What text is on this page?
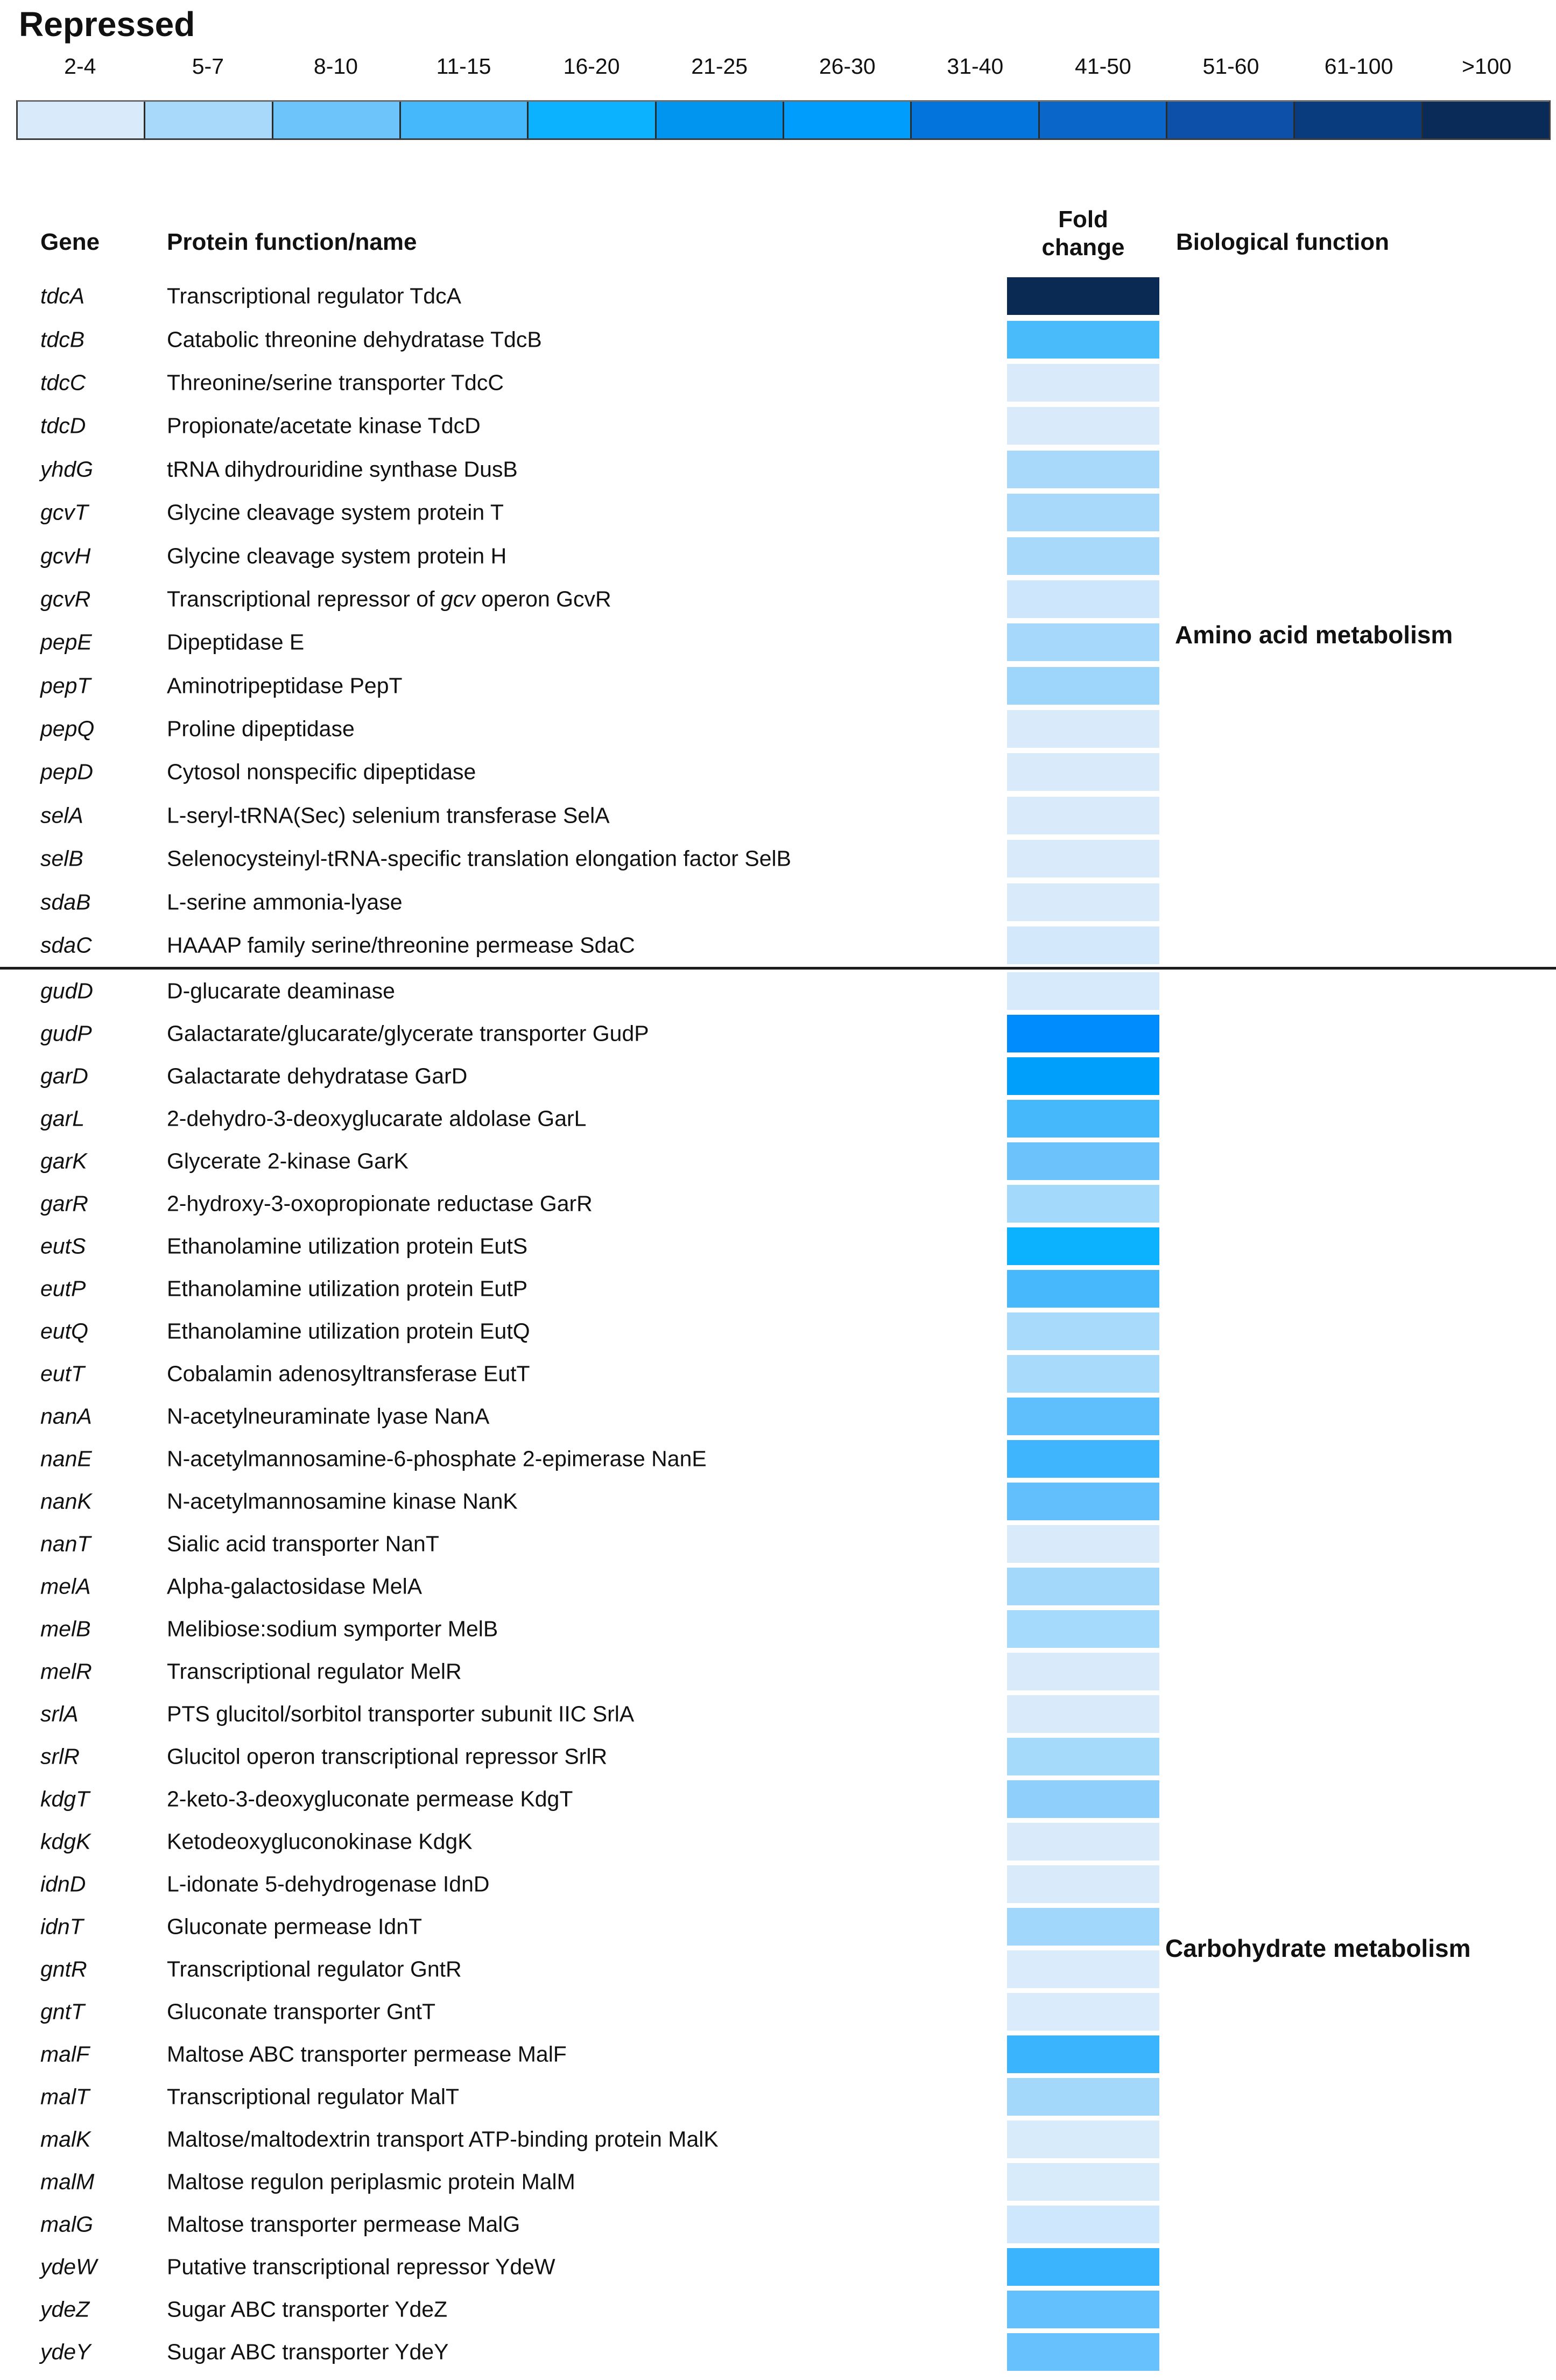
Repressed
2-4	5-7	8-10	11-15	16-20	21-25	26-30	31-40	41-50	51-60	61-100	>100
Gene	Protein function/name
Fold
change	Biological function
tdcA	Transcriptional regulator TdcA
tdcB	Catabolic threonine dehydratase TdcB
tdcC	Threonine/serine transporter TdcC
tdcD	Propionate/acetate kinase TdcD
yhdG	tRNA dihydrouridine synthase DusB
gcvT	Glycine cleavage system protein T
gcvH	Glycine cleavage system protein H
gcvR	Transcriptional repressor of gcv operon GcvR
pepE	Dipeptidase E
pepT	Aminotripeptidase PepT
pepQ	Proline dipeptidase
pepD	Cytosol nonspecific dipeptidase
selA	L-seryl-tRNA(Sec) selenium transferase SelA
selB	Selenocysteinyl-tRNA-specific translation elongation factor SelB
sdaB	L-serine ammonia-lyase
sdaC	HAAAP family serine/threonine permease SdaC
gudD	D-glucarate deaminase
gudP	Galactarate/glucarate/glycerate transporter GudP
garD	Galactarate dehydratase GarD
garL	2-dehydro-3-deoxyglucarate aldolase GarL
garK	Glycerate 2-kinase GarK
garR	2-hydroxy-3-oxopropionate reductase GarR
eutS	Ethanolamine utilization protein EutS
eutP	Ethanolamine utilization protein EutP
eutQ	Ethanolamine utilization protein EutQ
eutT	Cobalamin adenosyltransferase EutT
nanA	N-acetylneuraminate lyase NanA
nanE	N-acetylmannosamine-6-phosphate 2-epimerase NanE
nanK	N-acetylmannosamine kinase NanK
nanT	Sialic acid transporter NanT
melA	Alpha-galactosidase MelA
melB	Melibiose:sodium symporter MelB
melR	Transcriptional regulator MelR
srlA	PTS glucitol/sorbitol transporter subunit IIC SrlA
srlR	Glucitol operon transcriptional repressor SrlR
kdgT	2-keto-3-deoxygluconate permease KdgT
kdgK	Ketodeoxygluconokinase KdgK
idnD	L-idonate 5-dehydrogenase IdnD
idnT	Gluconate permease IdnT
gntR	Transcriptional regulator GntR
gntT	Gluconate transporter GntT
malF	Maltose ABC transporter permease MalF
malT	Transcriptional regulator MalT
malK	Maltose/maltodextrin transport ATP-binding protein MalK
malM	Maltose regulon periplasmic protein MalM
malG	Maltose transporter permease MalG
ydeW	Putative transcriptional repressor YdeW
ydeZ	Sugar ABC transporter YdeZ
ydeY	Sugar ABC transporter YdeY
Amino acid metabolism
Carbohydrate metabolism
